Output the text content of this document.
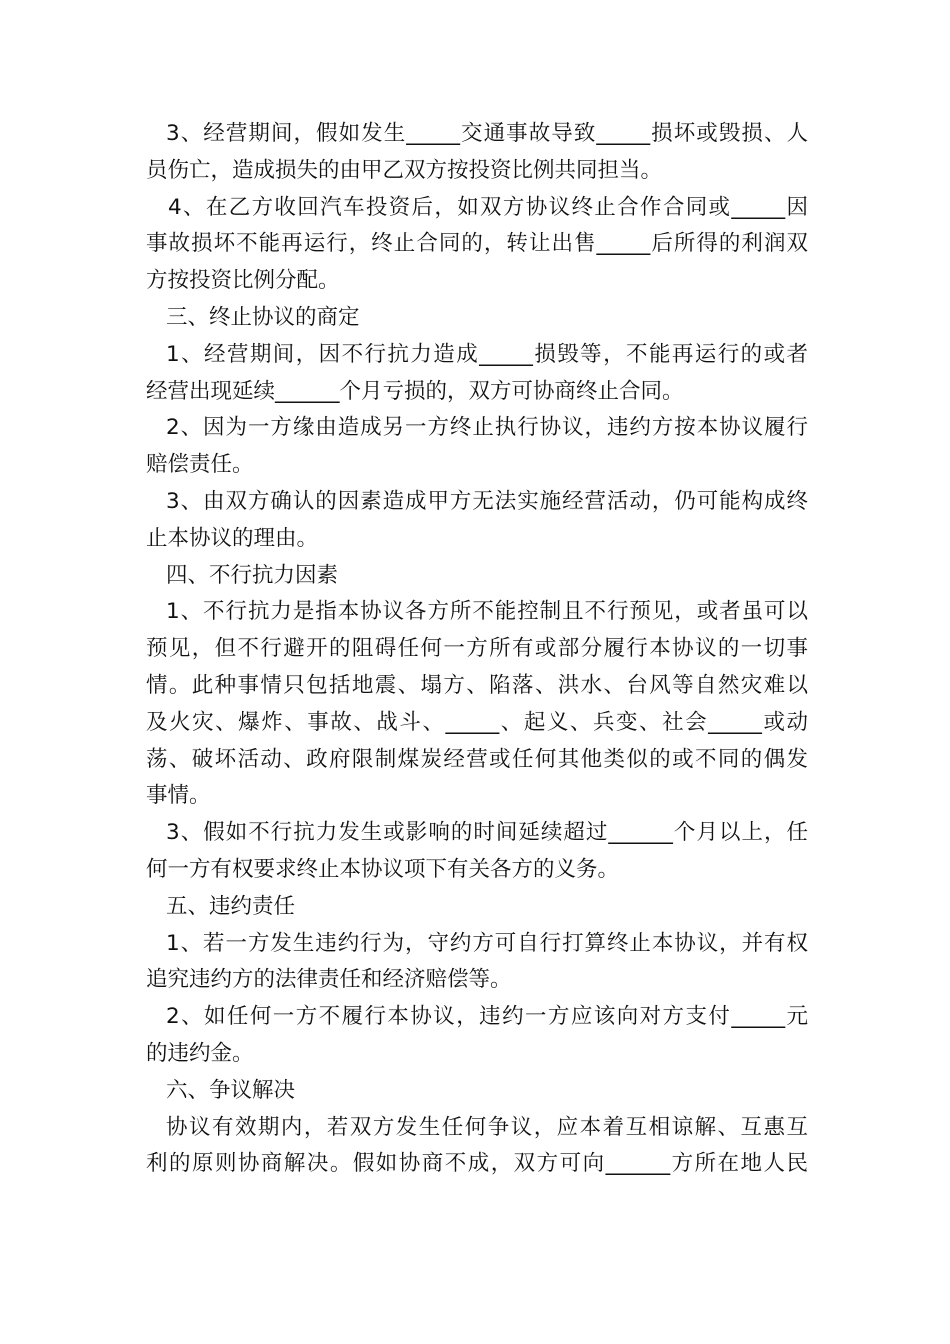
3、经营期间，假如发生_____交通事故导致_____损坏或毁损、人
员伤亡，造成损失的由甲乙双方按投资比例共同担当。
4、在乙方收回汽车投资后，如双方协议终止合作合同或_____因
事故损坏不能再运行，终止合同的，转让出售_____后所得的利润双
方按投资比例分配。
三、终止协议的商定
1、经营期间，因不行抗力造成_____损毁等，不能再运行的或者
经营出现延续______个月亏损的，双方可协商终止合同。
2、因为一方缘由造成另一方终止执行协议，违约方按本协议履行
赔偿责任。
3、由双方确认的因素造成甲方无法实施经营活动，仍可能构成终
止本协议的理由。
四、不行抗力因素
1、不行抗力是指本协议各方所不能控制且不行预见，或者虽可以
预见，但不行避开的阻碍任何一方所有或部分履行本协议的一切事
情。此种事情只包括地震、塌方、陷落、洪水、台风等自然灾难以
及火灾、爆炸、事故、战斗、_____、起义、兵变、社会_____或动
荡、破坏活动、政府限制煤炭经营或任何其他类似的或不同的偶发
事情。
3、假如不行抗力发生或影响的时间延续超过______个月以上，任
何一方有权要求终止本协议项下有关各方的义务。
五、违约责任
1、若一方发生违约行为，守约方可自行打算终止本协议，并有权
追究违约方的法律责任和经济赔偿等。
2、如任何一方不履行本协议，违约一方应该向对方支付_____元
的违约金。
六、争议解决
协议有效期内，若双方发生任何争议，应本着互相谅解、互惠互
利的原则协商解决。假如协商不成，双方可向______方所在地人民
